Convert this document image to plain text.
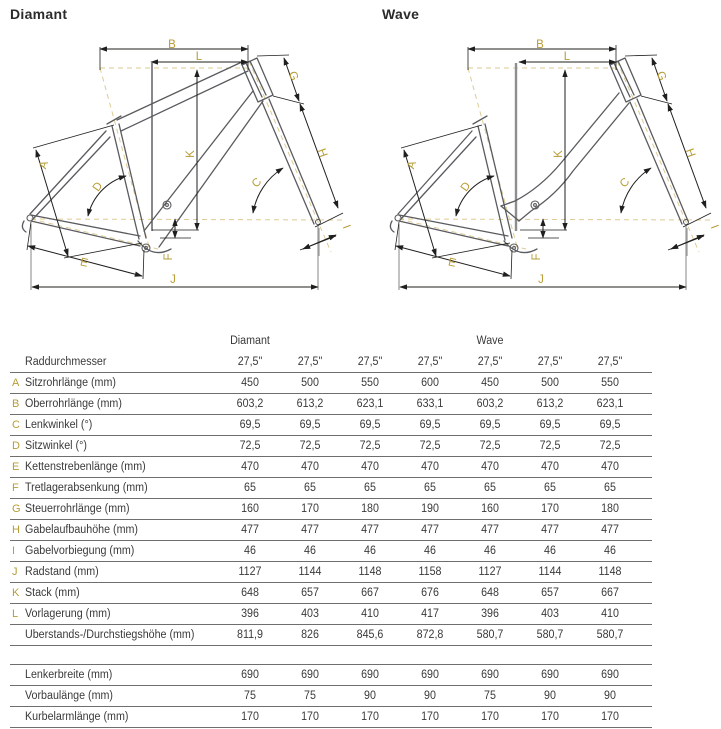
Diamant	Wave
A
B
C
D
E	F
G
H
I
J
K
L
A
B
C
D
E	F
G
H
I
J
K
L
Diamant	Wave
Raddurchmesser	27,5"	27,5"	27,5"	27,5"	27,5"	27,5"	27,5"
A Sitzrohrlänge (mm)	450	500	550	600	450	500	550
B Oberrohrlänge (mm)	603,2	613,2	623,1	633,1	603,2	613,2	623,1
C Lenkwinkel (°)	69,5	69,5	69,5	69,5	69,5	69,5	69,5
D Sitzwinkel (°)	72,5	72,5	72,5	72,5	72,5	72,5	72,5
E Kettenstrebenlänge (mm)	470	470	470	470	470	470	470
F Tretlagerabsenkung (mm)	65	65	65	65	65	65	65
G Steuerrohrlänge (mm)	160	170	180	190	160	170	180
H Gabelaufbauhöhe (mm)	477	477	477	477	477	477	477
I Gabelvorbiegung (mm)	46	46	46	46	46	46	46
J Radstand (mm)	1127	1144	1148	1158	1127	1144	1148
K Stack (mm)	648	657	667	676	648	657	667
L Vorlagerung (mm)	396	403	410	417	396	403	410
Überstands-/Durchstiegshöhe (mm)	811,9	826	845,6	872,8	580,7	580,7	580,7
Lenkerbreite (mm)	690	690	690	690	690	690	690
Vorbaulänge (mm)	75	75	90	90	75	90	90
Kurbelarmlänge (mm)	170	170	170	170	170	170	170
